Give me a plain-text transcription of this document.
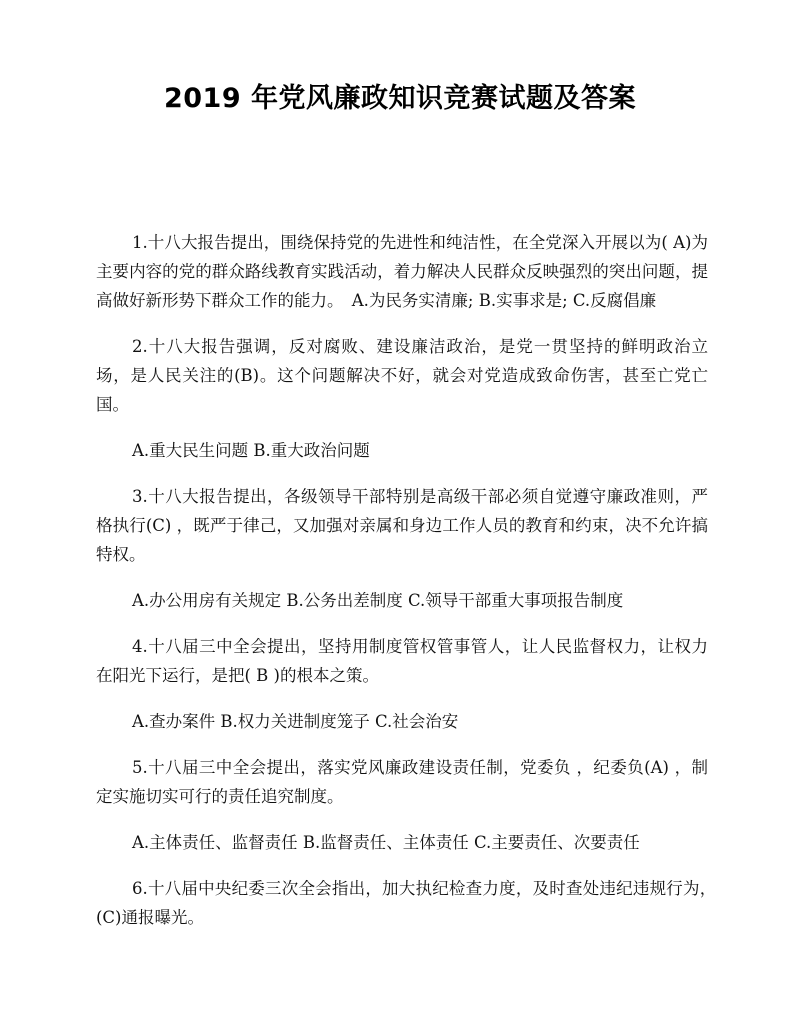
2019 年党风廉政知识竞赛试题及答案

1.十八大报告提出，围绕保持党的先进性和纯洁性，在全党深入开展以为( A)为主要内容的党的群众路线教育实践活动，着力解决人民群众反映强烈的突出问题，提高做好新形势下群众工作的能力。　A.为民务实清廉; B.实事求是; C.反腐倡廉

2.十八大报告强调，反对腐败、建设廉洁政治，是党一贯坚持的鲜明政治立场，是人民关注的(B)。这个问题解决不好，就会对党造成致命伤害，甚至亡党亡国。

A.重大民生问题 B.重大政治问题

3.十八大报告提出，各级领导干部特别是高级干部必须自觉遵守廉政准则，严格执行(C) ，既严于律己，又加强对亲属和身边工作人员的教育和约束，决不允许搞特权。

A.办公用房有关规定 B.公务出差制度 C.领导干部重大事项报告制度

4.十八届三中全会提出，坚持用制度管权管事管人，让人民监督权力，让权力在阳光下运行，是把( B )的根本之策。

A.查办案件 B.权力关进制度笼子 C.社会治安

5.十八届三中全会提出，落实党风廉政建设责任制，党委负 ，纪委负(A) ，制定实施切实可行的责任追究制度。

A.主体责任、监督责任 B.监督责任、主体责任 C.主要责任、次要责任

6.十八届中央纪委三次全会指出，加大执纪检查力度，及时查处违纪违规行为，　(C)通报曝光。
